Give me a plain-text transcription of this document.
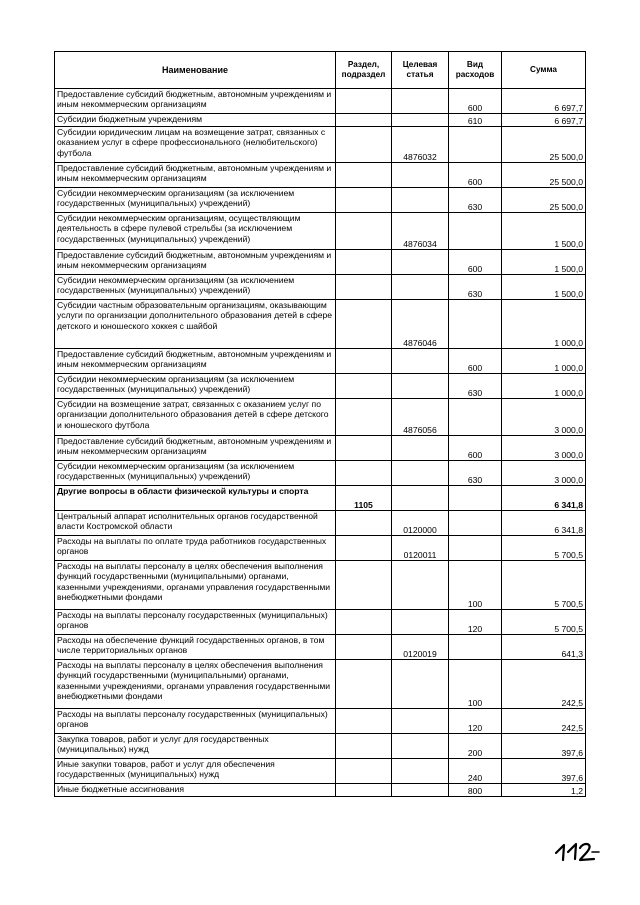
Наименование	Раздел, подраздел	Целевая статья	Вид расходов	Сумма
Предоставление субсидий бюджетным, автономным учреждениям и иным некоммерческим организациям			600	6 697,7
Субсидии бюджетным учреждениям			610	6 697,7
Субсидии юридическим лицам на возмещение затрат, связанных с оказанием услуг в сфере профессионального (нелюбительского) футбола		4876032		25 500,0
Предоставление субсидий бюджетным, автономным учреждениям и иным некоммерческим организациям			600	25 500,0
Субсидии некоммерческим организациям (за исключением государственных (муниципальных) учреждений)			630	25 500,0
Субсидии некоммерческим организациям, осуществляющим деятельность в сфере пулевой стрельбы (за исключением государственных (муниципальных) учреждений)		4876034		1 500,0
Предоставление субсидий бюджетным, автономным учреждениям и иным некоммерческим организациям			600	1 500,0
Субсидии некоммерческим организациям (за исключением государственных (муниципальных) учреждений)			630	1 500,0
Субсидии частным образовательным организациям, оказывающим услуги по организации дополнительного образования детей в сфере детского и юношеского хоккея с шайбой		4876046		1 000,0
Предоставление субсидий бюджетным, автономным учреждениям и иным некоммерческим организациям			600	1 000,0
Субсидии некоммерческим организациям (за исключением государственных (муниципальных) учреждений)			630	1 000,0
Субсидии на возмещение затрат, связанных с оказанием услуг по организации дополнительного образования детей в сфере детского и юношеского футбола		4876056		3 000,0
Предоставление субсидий бюджетным, автономным учреждениям и иным некоммерческим организациям			600	3 000,0
Субсидии некоммерческим организациям (за исключением государственных (муниципальных) учреждений)			630	3 000,0
Другие вопросы в области физической культуры и спорта	1105			6 341,8
Центральный аппарат исполнительных органов государственной власти Костромской области		0120000		6 341,8
Расходы на выплаты по оплате труда работников государственных органов		0120011		5 700,5
Расходы на выплаты персоналу в целях обеспечения выполнения функций государственными (муниципальными) органами, казенными учреждениями, органами управления государственными внебюджетными фондами			100	5 700,5
Расходы на выплаты персоналу государственных (муниципальных) органов			120	5 700,5
Расходы на обеспечение функций государственных органов, в том числе территориальных органов		0120019		641,3
Расходы на выплаты персоналу в целях обеспечения выполнения функций государственными (муниципальными) органами, казенными учреждениями, органами управления государственными внебюджетными фондами			100	242,5
Расходы на выплаты персоналу государственных (муниципальных) органов			120	242,5
Закупка товаров, работ и услуг для государственных (муниципальных) нужд			200	397,6
Иные закупки товаров, работ и услуг для обеспечения государственных (муниципальных) нужд			240	397,6
Иные бюджетные ассигнования			800	1,2
